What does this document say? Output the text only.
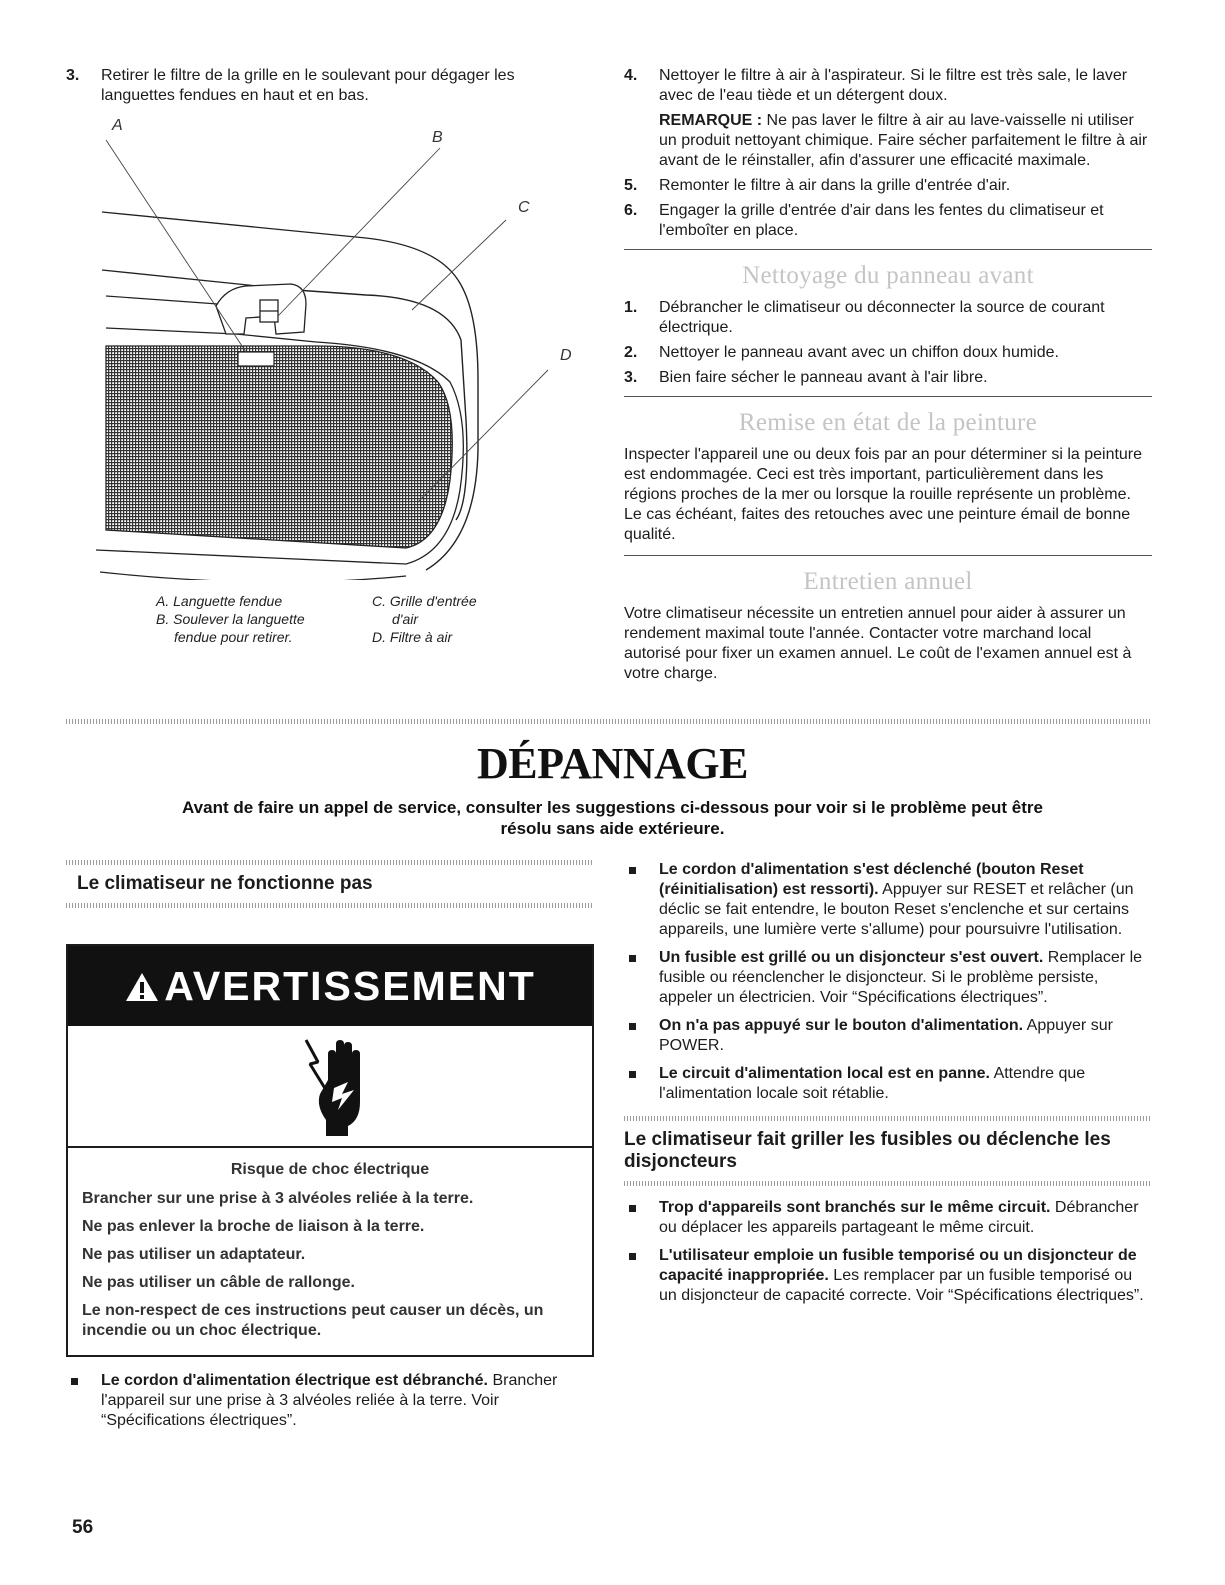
3. Retirer le filtre de la grille en le soulevant pour dégager les languettes fendues en haut et en bas.
A
B
C
D
A. Languette fendue
B. Soulever la languette
fendue pour retirer.
C. Grille d'entrée
d'air
D. Filtre à air
4. Nettoyer le filtre à air à l'aspirateur. Si le filtre est très sale, le laver avec de l'eau tiède et un détergent doux.
REMARQUE : Ne pas laver le filtre à air au lave-vaisselle ni utiliser un produit nettoyant chimique. Faire sécher parfaitement le filtre à air avant de le réinstaller, afin d'assurer une efficacité maximale.
5. Remonter le filtre à air dans la grille d'entrée d'air.
6. Engager la grille d'entrée d'air dans les fentes du climatiseur et l'emboîter en place.
Nettoyage du panneau avant
1. Débrancher le climatiseur ou déconnecter la source de courant électrique.
2. Nettoyer le panneau avant avec un chiffon doux humide.
3. Bien faire sécher le panneau avant à l'air libre.
Remise en état de la peinture

Inspecter l'appareil une ou deux fois par an pour déterminer si la peinture est endommagée. Ceci est très important, particulièrement dans les régions proches de la mer ou lorsque la rouille représente un problème. Le cas échéant, faites des retouches avec une peinture émail de bonne qualité.

Entretien annuel

Votre climatiseur nécessite un entretien annuel pour aider à assurer un rendement maximal toute l'année. Contacter votre marchand local autorisé pour fixer un examen annuel. Le coût de l'examen annuel est à votre charge.

DÉPANNAGE
Avant de faire un appel de service, consulter les suggestions ci-dessous pour voir si le problème peut être résolu sans aide extérieure.
Le climatiseur ne fonctionne pas
AVERTISSEMENT
Risque de choc électrique

Brancher sur une prise à 3 alvéoles reliée à la terre.

Ne pas enlever la broche de liaison à la terre.

Ne pas utiliser un adaptateur.

Ne pas utiliser un câble de rallonge.

Le non-respect de ces instructions peut causer un décès, un incendie ou un choc électrique.

Le cordon d'alimentation électrique est débranché. Brancher l'appareil sur une prise à 3 alvéoles reliée à la terre. Voir “Spécifications électriques”.
Le cordon d'alimentation s'est déclenché (bouton Reset (réinitialisation) est ressorti). Appuyer sur RESET et relâcher (un déclic se fait entendre, le bouton Reset s'enclenche et sur certains appareils, une lumière verte s'allume) pour poursuivre l'utilisation.
Un fusible est grillé ou un disjoncteur s'est ouvert. Remplacer le fusible ou réenclencher le disjoncteur. Si le problème persiste, appeler un électricien. Voir “Spécifications électriques”.
On n'a pas appuyé sur le bouton d'alimentation. Appuyer sur POWER.
Le circuit d'alimentation local est en panne. Attendre que l'alimentation locale soit rétablie.
Le climatiseur fait griller les fusibles ou déclenche les disjoncteurs
Trop d'appareils sont branchés sur le même circuit. Débrancher ou déplacer les appareils partageant le même circuit.
L'utilisateur emploie un fusible temporisé ou un disjoncteur de capacité inappropriée. Les remplacer par un fusible temporisé ou un disjoncteur de capacité correcte. Voir “Spécifications électriques”.
56
